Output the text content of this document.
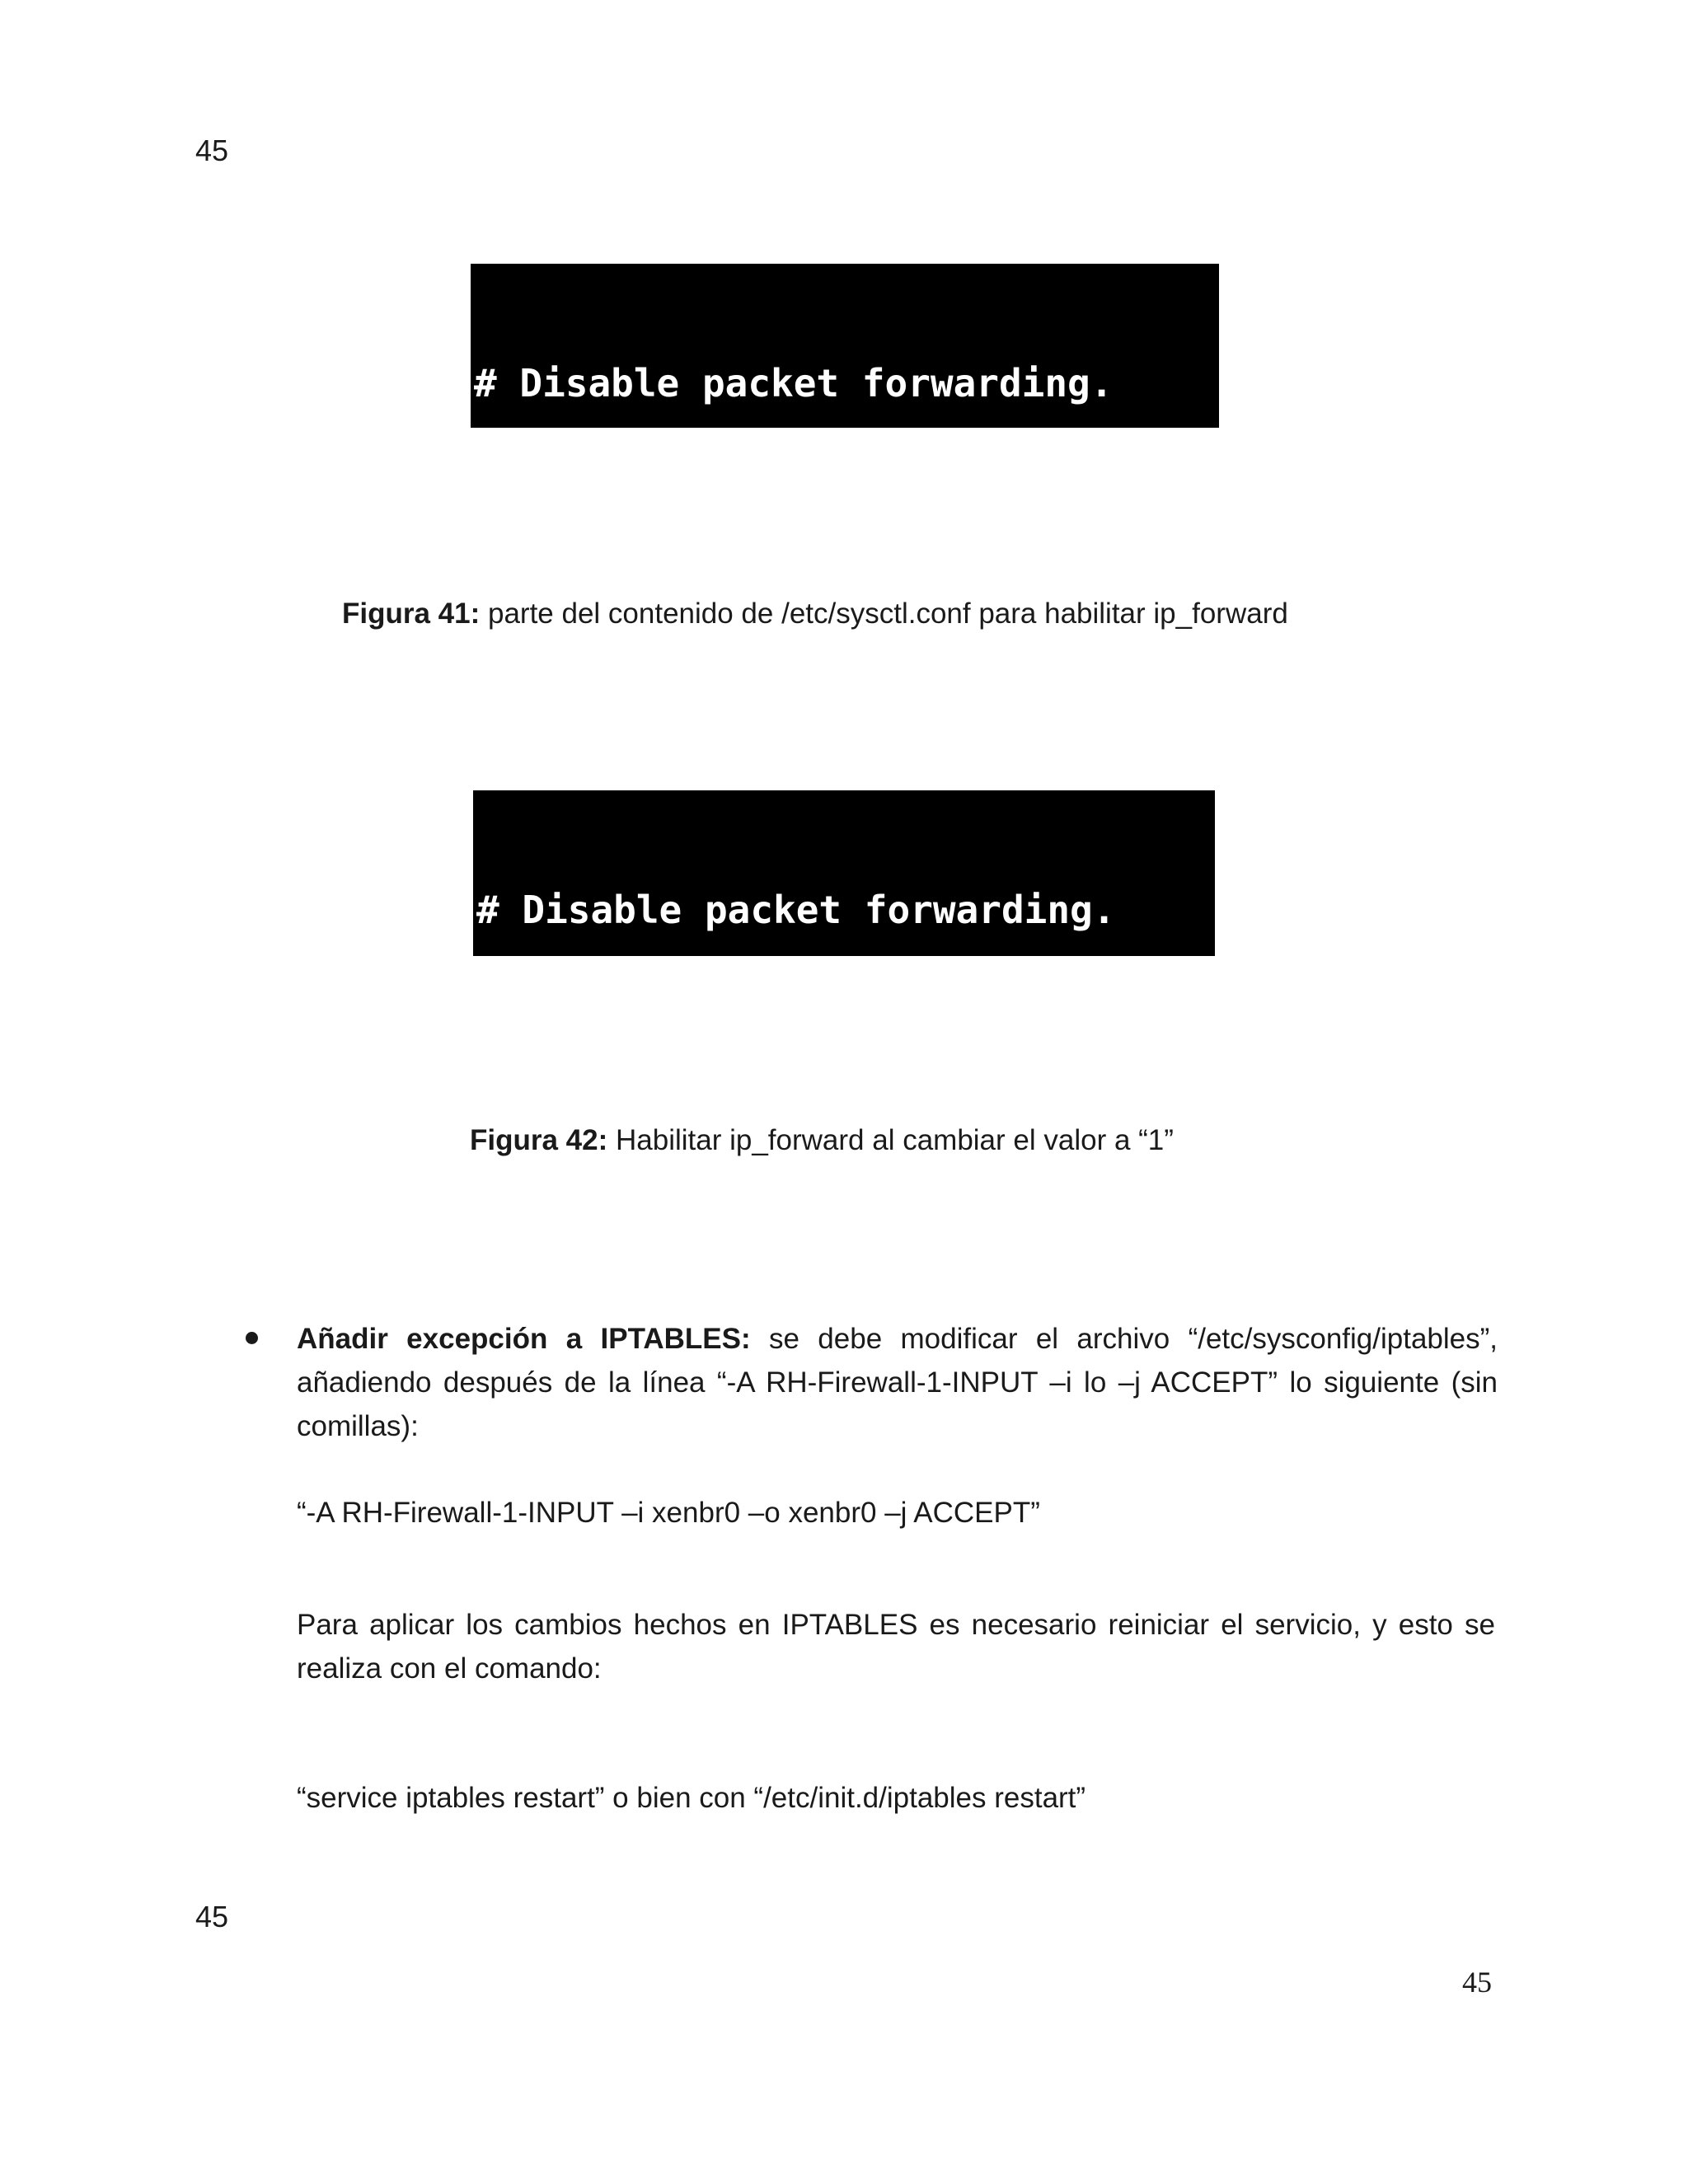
45

# Disable packet forwarding.

net.ipv4.ip_forward = 0

net.ipv6.conf.all.forwarding = 0

Figura 41: parte del contenido de /etc/sysctl.conf para habilitar ip_forward

# Disable packet forwarding.

net.ipv4.ip_forward = 1

net.ipv6.conf.all.forwarding = 0

Figura 42: Habilitar ip_forward al cambiar el valor a “1”
Añadir excepción a IPTABLES: se debe modificar el archivo “/etc/sysconfig/iptables”, añadiendo después de la línea “-A RH-Firewall-1-INPUT –i lo –j ACCEPT” lo siguiente (sin comillas):
“-A RH-Firewall-1-INPUT –i xenbr0 –o xenbr0 –j ACCEPT”
Para aplicar los cambios hechos en IPTABLES es necesario reiniciar el servicio, y esto se realiza con el comando:
“service iptables restart” o bien con “/etc/init.d/iptables restart”
45
45
